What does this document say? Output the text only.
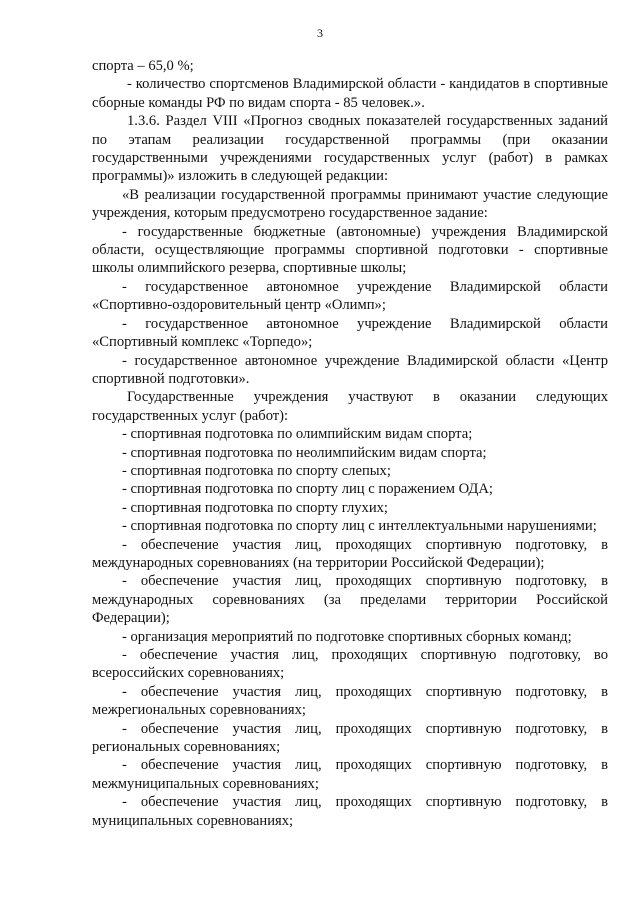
3

спорта – 65,0 %;

- количество спортсменов Владимирской области - кандидатов в спортивные сборные команды РФ по видам спорта - 85 человек.».

1.3.6. Раздел VIII «Прогноз сводных показателей государственных заданий по этапам реализации государственной программы (при оказании государственными учреждениями государственных услуг (работ) в рамках программы)» изложить в следующей редакции:

«В реализации государственной программы принимают участие следующие учреждения, которым предусмотрено государственное задание:

- государственные бюджетные (автономные) учреждения Владимирской области, осуществляющие программы спортивной подготовки - спортивные школы олимпийского резерва, спортивные школы;

- государственное автономное учреждение Владимирской области «Спортивно-оздоровительный центр «Олимп»;

- государственное автономное учреждение Владимирской области «Спортивный комплекс «Торпедо»;

- государственное автономное учреждение Владимирской области «Центр спортивной подготовки».

Государственные учреждения участвуют в оказании следующих государственных услуг (работ):

- спортивная подготовка по олимпийским видам спорта;

- спортивная подготовка по неолимпийским видам спорта;

- спортивная подготовка по спорту слепых;

- спортивная подготовка по спорту лиц с поражением ОДА;

- спортивная подготовка по спорту глухих;

- спортивная подготовка по спорту лиц с интеллектуальными нарушениями;

- обеспечение участия лиц, проходящих спортивную подготовку, в международных соревнованиях (на территории Российской Федерации);

- обеспечение участия лиц, проходящих спортивную подготовку, в международных соревнованиях (за пределами территории Российской Федерации);

- организация мероприятий по подготовке спортивных сборных команд;

- обеспечение участия лиц, проходящих спортивную подготовку, во всероссийских соревнованиях;

- обеспечение участия лиц, проходящих спортивную подготовку, в межрегиональных соревнованиях;

- обеспечение участия лиц, проходящих спортивную подготовку, в региональных соревнованиях;

- обеспечение участия лиц, проходящих спортивную подготовку, в межмуниципальных соревнованиях;

- обеспечение участия лиц, проходящих спортивную подготовку, в муниципальных соревнованиях;
